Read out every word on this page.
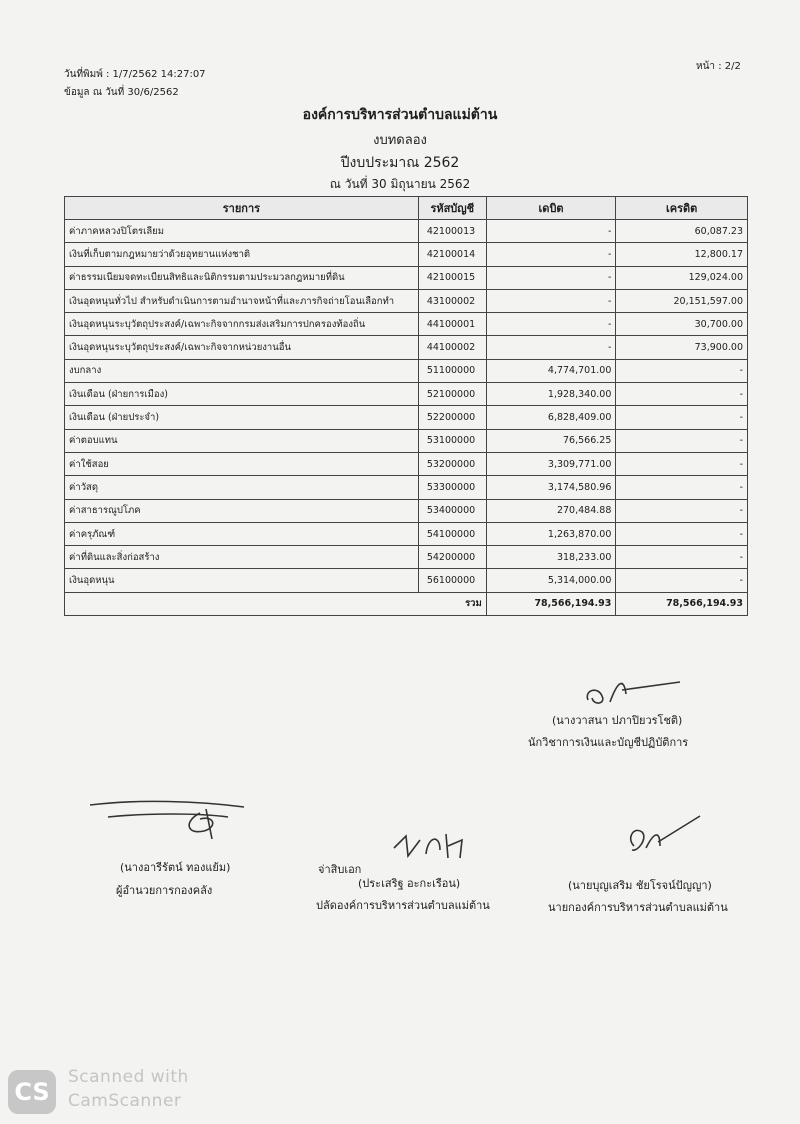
วันที่พิมพ์ : 1/7/2562 14:27:07
ข้อมูล ณ วันที่ 30/6/2562
หน้า : 2/2
องค์การบริหารส่วนตำบลแม่ต้าน
งบทดลอง
ปีงบประมาณ 2562
ณ วันที่ 30 มิถุนายน 2562
รายการ	รหัสบัญชี	เดบิต	เครดิต
ค่าภาคหลวงปิโตรเลียม	42100013	-	60,087.23
เงินที่เก็บตามกฎหมายว่าด้วยอุทยานแห่งชาติ	42100014	-	12,800.17
ค่าธรรมเนียมจดทะเบียนสิทธิและนิติกรรมตามประมวลกฎหมายที่ดิน	42100015	-	129,024.00
เงินอุดหนุนทั่วไป สำหรับดำเนินการตามอำนาจหน้าที่และภารกิจถ่ายโอนเลือกทำ	43100002	-	20,151,597.00
เงินอุดหนุนระบุวัตถุประสงค์/เฉพาะกิจจากกรมส่งเสริมการปกครองท้องถิ่น	44100001	-	30,700.00
เงินอุดหนุนระบุวัตถุประสงค์/เฉพาะกิจจากหน่วยงานอื่น	44100002	-	73,900.00
งบกลาง	51100000	4,774,701.00	-
เงินเดือน (ฝ่ายการเมือง)	52100000	1,928,340.00	-
เงินเดือน (ฝ่ายประจำ)	52200000	6,828,409.00	-
ค่าตอบแทน	53100000	76,566.25	-
ค่าใช้สอย	53200000	3,309,771.00	-
ค่าวัสดุ	53300000	3,174,580.96	-
ค่าสาธารณูปโภค	53400000	270,484.88	-
ค่าครุภัณฑ์	54100000	1,263,870.00	-
ค่าที่ดินและสิ่งก่อสร้าง	54200000	318,233.00	-
เงินอุดหนุน	56100000	5,314,000.00	-
รวม		78,566,194.93	78,566,194.93
(นางวาสนา ปภาปิยวรโชติ)
นักวิชาการเงินและบัญชีปฏิบัติการ
(นางอารีรัตน์ ทองแย้ม)
ผู้อำนวยการกองคลัง
จ่าสิบเอก
(ประเสริฐ อะกะเรือน)
ปลัดองค์การบริหารส่วนตำบลแม่ต้าน
(นายบุญเสริม ชัยโรจน์ปัญญา)
นายกองค์การบริหารส่วนตำบลแม่ต้าน
CS
Scanned with
CamScanner
